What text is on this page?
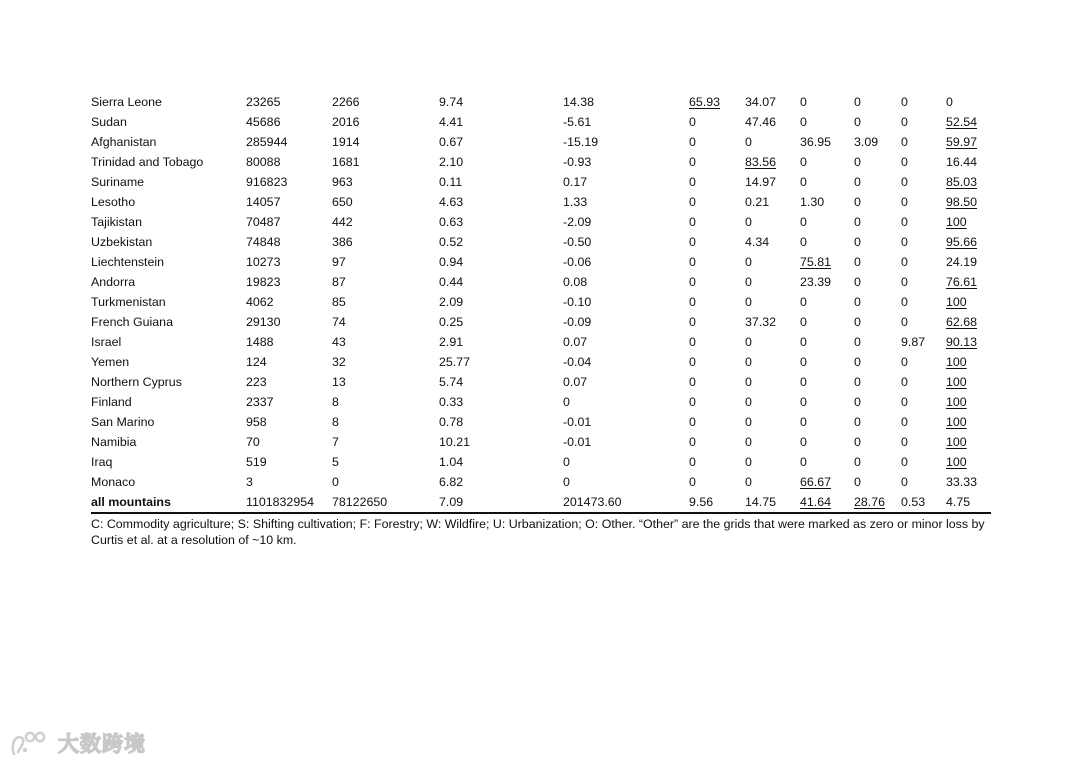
Sierra Leone	23265	2266	9.74	14.38	65.93	34.07	0	0	0	0
Sudan	45686	2016	4.41	-5.61	0	47.46	0	0	0	52.54
Afghanistan	285944	1914	0.67	-15.19	0	0	36.95	3.09	0	59.97
Trinidad and Tobago	80088	1681	2.10	-0.93	0	83.56	0	0	0	16.44
Suriname	916823	963	0.11	0.17	0	14.97	0	0	0	85.03
Lesotho	14057	650	4.63	1.33	0	0.21	1.30	0	0	98.50
Tajikistan	70487	442	0.63	-2.09	0	0	0	0	0	100
Uzbekistan	74848	386	0.52	-0.50	0	4.34	0	0	0	95.66
Liechtenstein	10273	97	0.94	-0.06	0	0	75.81	0	0	24.19
Andorra	19823	87	0.44	0.08	0	0	23.39	0	0	76.61
Turkmenistan	4062	85	2.09	-0.10	0	0	0	0	0	100
French Guiana	29130	74	0.25	-0.09	0	37.32	0	0	0	62.68
Israel	1488	43	2.91	0.07	0	0	0	0	9.87	90.13
Yemen	124	32	25.77	-0.04	0	0	0	0	0	100
Northern Cyprus	223	13	5.74	0.07	0	0	0	0	0	100
Finland	2337	8	0.33	0	0	0	0	0	0	100
San Marino	958	8	0.78	-0.01	0	0	0	0	0	100
Namibia	70	7	10.21	-0.01	0	0	0	0	0	100
Iraq	519	5	1.04	0	0	0	0	0	0	100
Monaco	3	0	6.82	0	0	0	66.67	0	0	33.33
all mountains	1101832954	78122650	7.09	201473.60	9.56	14.75	41.64	28.76	0.53	4.75
C: Commodity agriculture; S: Shifting cultivation; F: Forestry; W: Wildfire; U: Urbanization; O: Other. “Other” are the grids that were marked as zero or minor loss by Curtis et al. at a resolution of ~10 km.
大数跨境
